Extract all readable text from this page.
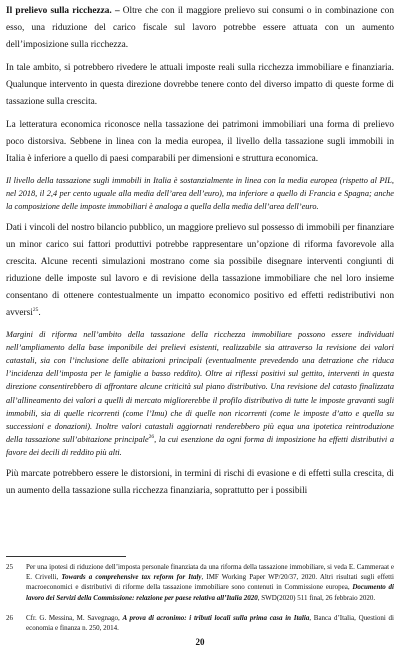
Il prelievo sulla ricchezza. – Oltre che con il maggiore prelievo sui consumi o in combinazione con esso, una riduzione del carico fiscale sul lavoro potrebbe essere attuata con un aumento dell’imposizione sulla ricchezza.

In tale ambito, si potrebbero rivedere le attuali imposte reali sulla ricchezza immobiliare e finanziaria. Qualunque intervento in questa direzione dovrebbe tenere conto del diverso impatto di queste forme di tassazione sulla crescita.

La letteratura economica riconosce nella tassazione dei patrimoni immobiliari una forma di prelievo poco distorsiva. Sebbene in linea con la media europea, il livello della tassazione sugli immobili in Italia è inferiore a quello di paesi comparabili per dimensioni e struttura economica.

Il livello della tassazione sugli immobili in Italia è sostanzialmente in linea con la media europea (rispetto al PIL, nel 2018, il 2,4 per cento uguale alla media dell’area dell’euro), ma inferiore a quello di Francia e Spagna; anche la composizione delle imposte immobiliari è analoga a quella della media dell’area dell’euro.

Dati i vincoli del nostro bilancio pubblico, un maggiore prelievo sul possesso di immobili per finanziare un minor carico sui fattori produttivi potrebbe rappresentare un’opzione di riforma favorevole alla crescita. Alcune recenti simulazioni mostrano come sia possibile disegnare interventi congiunti di riduzione delle imposte sul lavoro e di revisione della tassazione immobiliare che nel loro insieme consentano di ottenere contestualmente un impatto economico positivo ed effetti redistributivi non avversi$^{25}$.

Margini di riforma nell’ambito della tassazione della ricchezza immobiliare possono essere individuati nell’ampliamento della base imponibile dei prelievi esistenti, realizzabile sia attraverso la revisione dei valori catastali, sia con l’inclusione delle abitazioni principali (eventualmente prevedendo una detrazione che riduca l’incidenza dell’imposta per le famiglie a basso reddito). Oltre ai riflessi positivi sul gettito, interventi in questa direzione consentirebbero di affrontare alcune criticità sul piano distributivo. Una revisione del catasto finalizzata all’allineamento dei valori a quelli di mercato migliorerebbe il profilo distributivo di tutte le imposte gravanti sugli immobili, sia di quelle ricorrenti (come l’Imu) che di quelle non ricorrenti (come le imposte d’atto e quella su successioni e donazioni). Inoltre valori catastali aggiornati renderebbero più equa una ipotetica reintroduzione della tassazione sull’abitazione principale$^{26}$, la cui esenzione da ogni forma di imposizione ha effetti distributivi a favore dei decili di reddito più alti.

Più marcate potrebbero essere le distorsioni, in termini di rischi di evasione e di effetti sulla crescita, di un aumento della tassazione sulla ricchezza finanziaria, soprattutto per i possibili

25 Per una ipotesi di riduzione dell’imposta personale finanziata da una riforma della tassazione immobiliare, si veda E. Cammeraat e E. Crivelli, Towards a comprehensive tax reform for Italy, IMF Working Paper WP/20/37, 2020. Altri risultati sugli effetti macroeconomici e distributivi di riforme della tassazione immobiliare sono contenuti in Commissione europea, Documento di lavoro dei Servizi della Commissione: relazione per paese relativa all’Italia 2020, SWD(2020) 511 final, 26 febbraio 2020.
26 Cfr. G. Messina, M. Savegnago, A prova di acronimo: i tributi locali sulla prima casa in Italia, Banca d’Italia, Questioni di economia e finanza n. 250, 2014.
20
